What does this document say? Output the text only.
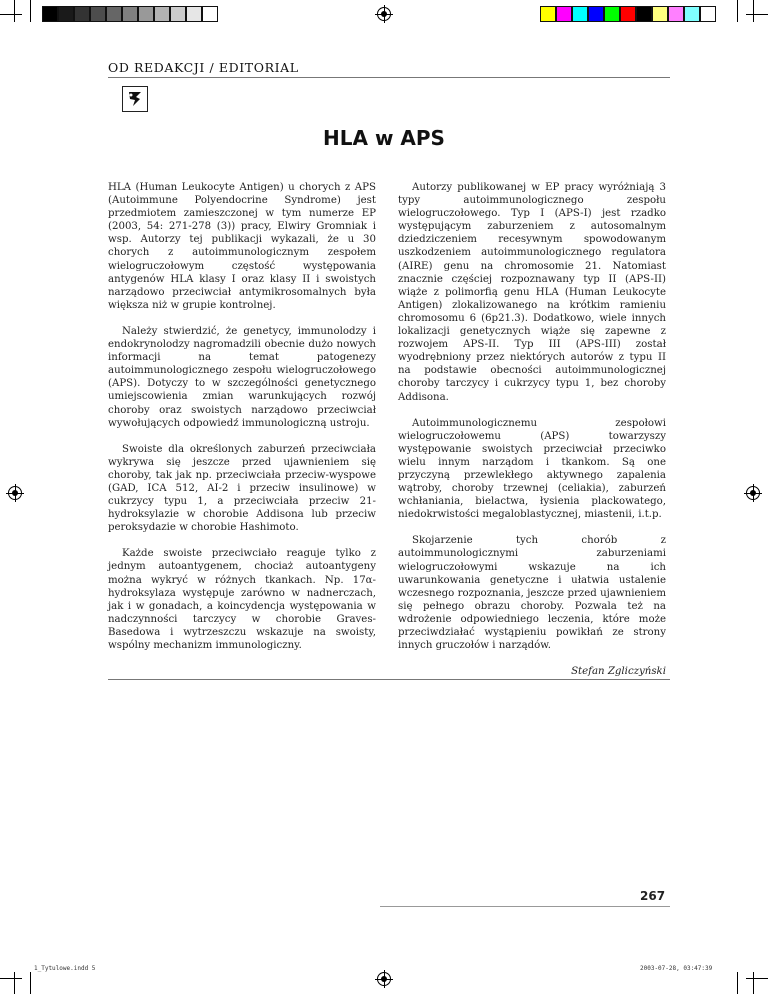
OD REDAKCJI / EDITORIAL
HLA w APS

HLA (Human Leukocyte Antigen) u chorych z APS (Autoimmune Polyendocrine Syndrome) jest przedmiotem zamieszczonej w tym numerze EP (2003, 54: 271-278 (3)) pracy, Elwiry Gromniak i wsp. Autorzy tej publikacji wykazali, że u 30 chorych z autoimmunologicznym zespołem wielogruczołowym częstość występowania antygenów HLA klasy I oraz klasy II i swoistych narządowo przeciwciał antymikrosomalnych była większa niż w grupie kontrolnej.

Należy stwierdzić, że genetycy, immunolodzy i endokrynolodzy nagromadzili obecnie dużo nowych informacji na temat patogenezy autoimmunologicznego zespołu wielogruczołowego (APS). Dotyczy to w szczególności genetycznego umiejscowienia zmian warunkujących rozwój choroby oraz swoistych narządowo przeciwciał wywołujących odpowiedź immunologiczną ustroju.

Swoiste dla określonych zaburzeń przeciwciała wykrywa się jeszcze przed ujawnieniem się choroby, tak jak np. przeciwciała przeciw-wyspowe (GAD, ICA 512, AI-2 i przeciw insulinowe) w cukrzycy typu 1, a przeciwciała przeciw 21-hydroksylazie w chorobie Addisona lub przeciw peroksydazie w chorobie Hashimoto.

Każde swoiste przeciwciało reaguje tylko z jednym autoantygenem, chociaż autoantygeny można wykryć w różnych tkankach. Np. 17α-hydroksylaza występuje zarówno w nadnerczach, jak i w gonadach, a koincydencja występowania w nadczynności tarczycy w chorobie Graves-Basedowa i wytrzeszczu wskazuje na swoisty, wspólny mechanizm immunologiczny.

Autorzy publikowanej w EP pracy wyróżniają 3 typy autoimmunologicznego zespołu wielogruczołowego. Typ I (APS-I) jest rzadko występującym zaburzeniem z autosomalnym dziedziczeniem recesywnym spowodowanym uszkodzeniem autoimmunologicznego regulatora (AIRE) genu na chromosomie 21. Natomiast znacznie częściej rozpoznawany typ II (APS-II) wiąże z polimorfią genu HLA (Human Leukocyte Antigen) zlokalizowanego na krótkim ramieniu chromosomu 6 (6p21.3). Dodatkowo, wiele innych lokalizacji genetycznych wiąże się zapewne z rozwojem APS-II. Typ III (APS-III) został wyodrębniony przez niektórych autorów z typu II na podstawie obecności autoimmunologicznej choroby tarczycy i cukrzycy typu 1, bez choroby Addisona.

Autoimmunologicznemu zespołowi wielogruczołowemu (APS) towarzyszy występowanie swoistych przeciwciał przeciwko wielu innym narządom i tkankom. Są one przyczyną przewlekłego aktywnego zapalenia wątroby, choroby trzewnej (celiakia), zaburzeń wchłaniania, bielactwa, łysienia plackowatego, niedokrwistości megaloblastycznej, miastenii, i.t.p.

Skojarzenie tych chorób z autoimmunologicznymi zaburzeniami wielogruczołowymi wskazuje na ich uwarunkowania genetyczne i ułatwia ustalenie wczesnego rozpoznania, jeszcze przed ujawnieniem się pełnego obrazu choroby. Pozwala też na wdrożenie odpowiedniego leczenia, które może przeciwdziałać wystąpieniu powikłań ze strony innych gruczołów i narządów.

Stefan Zgliczyński
267
1_Tytulowe.indd 5	2003-07-28, 03:47:39
